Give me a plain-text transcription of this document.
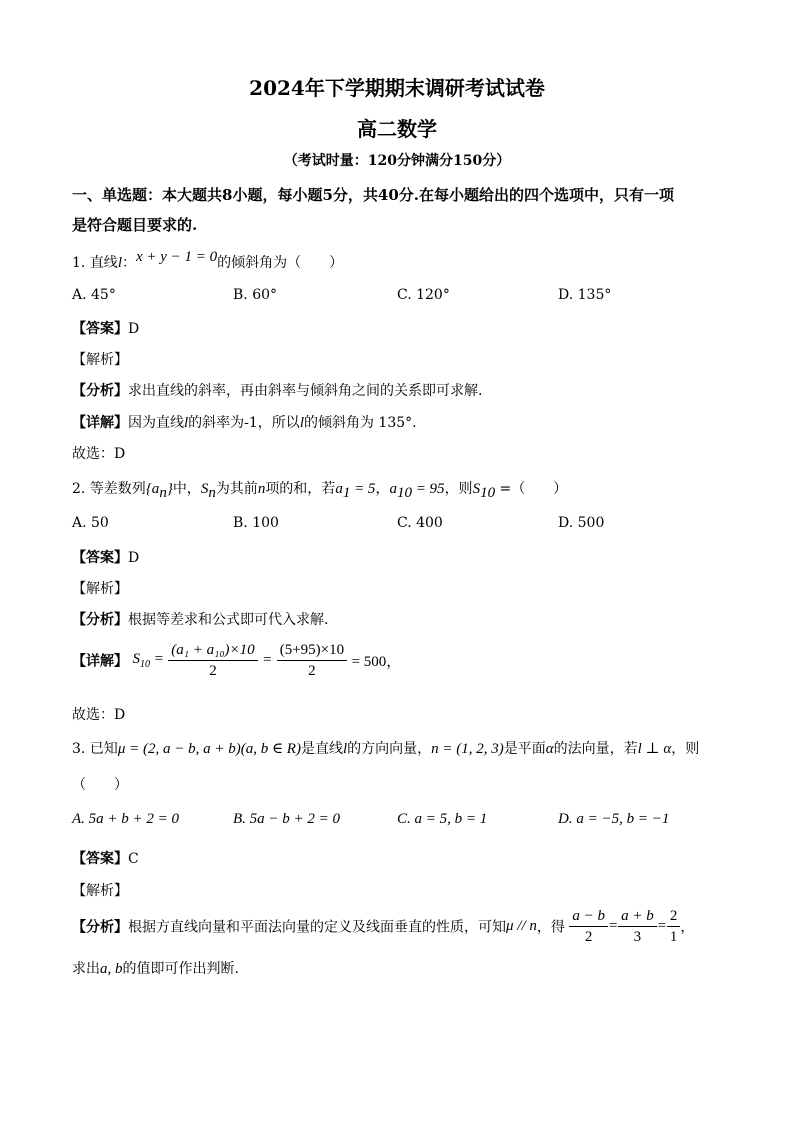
2024年下学期期末调研考试试卷
高二数学
（考试时量：120分钟满分150分）
一、单选题：本大题共8小题，每小题5分，共40分.在每小题给出的四个选项中，只有一项
是符合题目要求的.
1. 直线l：x + y − 1 = 0的倾斜角为（　　）
A. 45°	B. 60°	C. 120°	D. 135°
【答案】D
【解析】
【分析】求出直线的斜率，再由斜率与倾斜角之间的关系即可求解.
【详解】因为直线l的斜率为-1，所以l的倾斜角为 135°.
故选：D
2. 等差数列$\{a_n\}$中，$S_n$为其前n项的和，若$a_1 = 5$，$a_{10} = 95$，则$S_{10}$ =（　　）
A. 50	B. 100	C. 400	D. 500
【答案】D
【解析】
【分析】根据等差求和公式即可代入求解.
【详解】 $S_{10} = \frac{\text{(a₁ + a₁₀)×10}}{2} = \frac{(5+95)\times 10}{2} = 500$，
故选：D
3. 已知μ = (2, a − b, a + b)(a, b ∈ R)是直线l的方向向量，n = (1, 2, 3)是平面α的法向量，若l ⊥ α，则
（　　）
A. 5a + b + 2 = 0	B. 5a − b + 2 = 0	C. a = 5, b = 1	D. a = −5, b = −1
【答案】C
【解析】
【分析】根据方直线向量和平面法向量的定义及线面垂直的性质，可知μ // n，得 $\frac{a - b}{2} = \frac{a + b}{3} = \frac{2}{1}$ ，
求出a, b的值即可作出判断.
